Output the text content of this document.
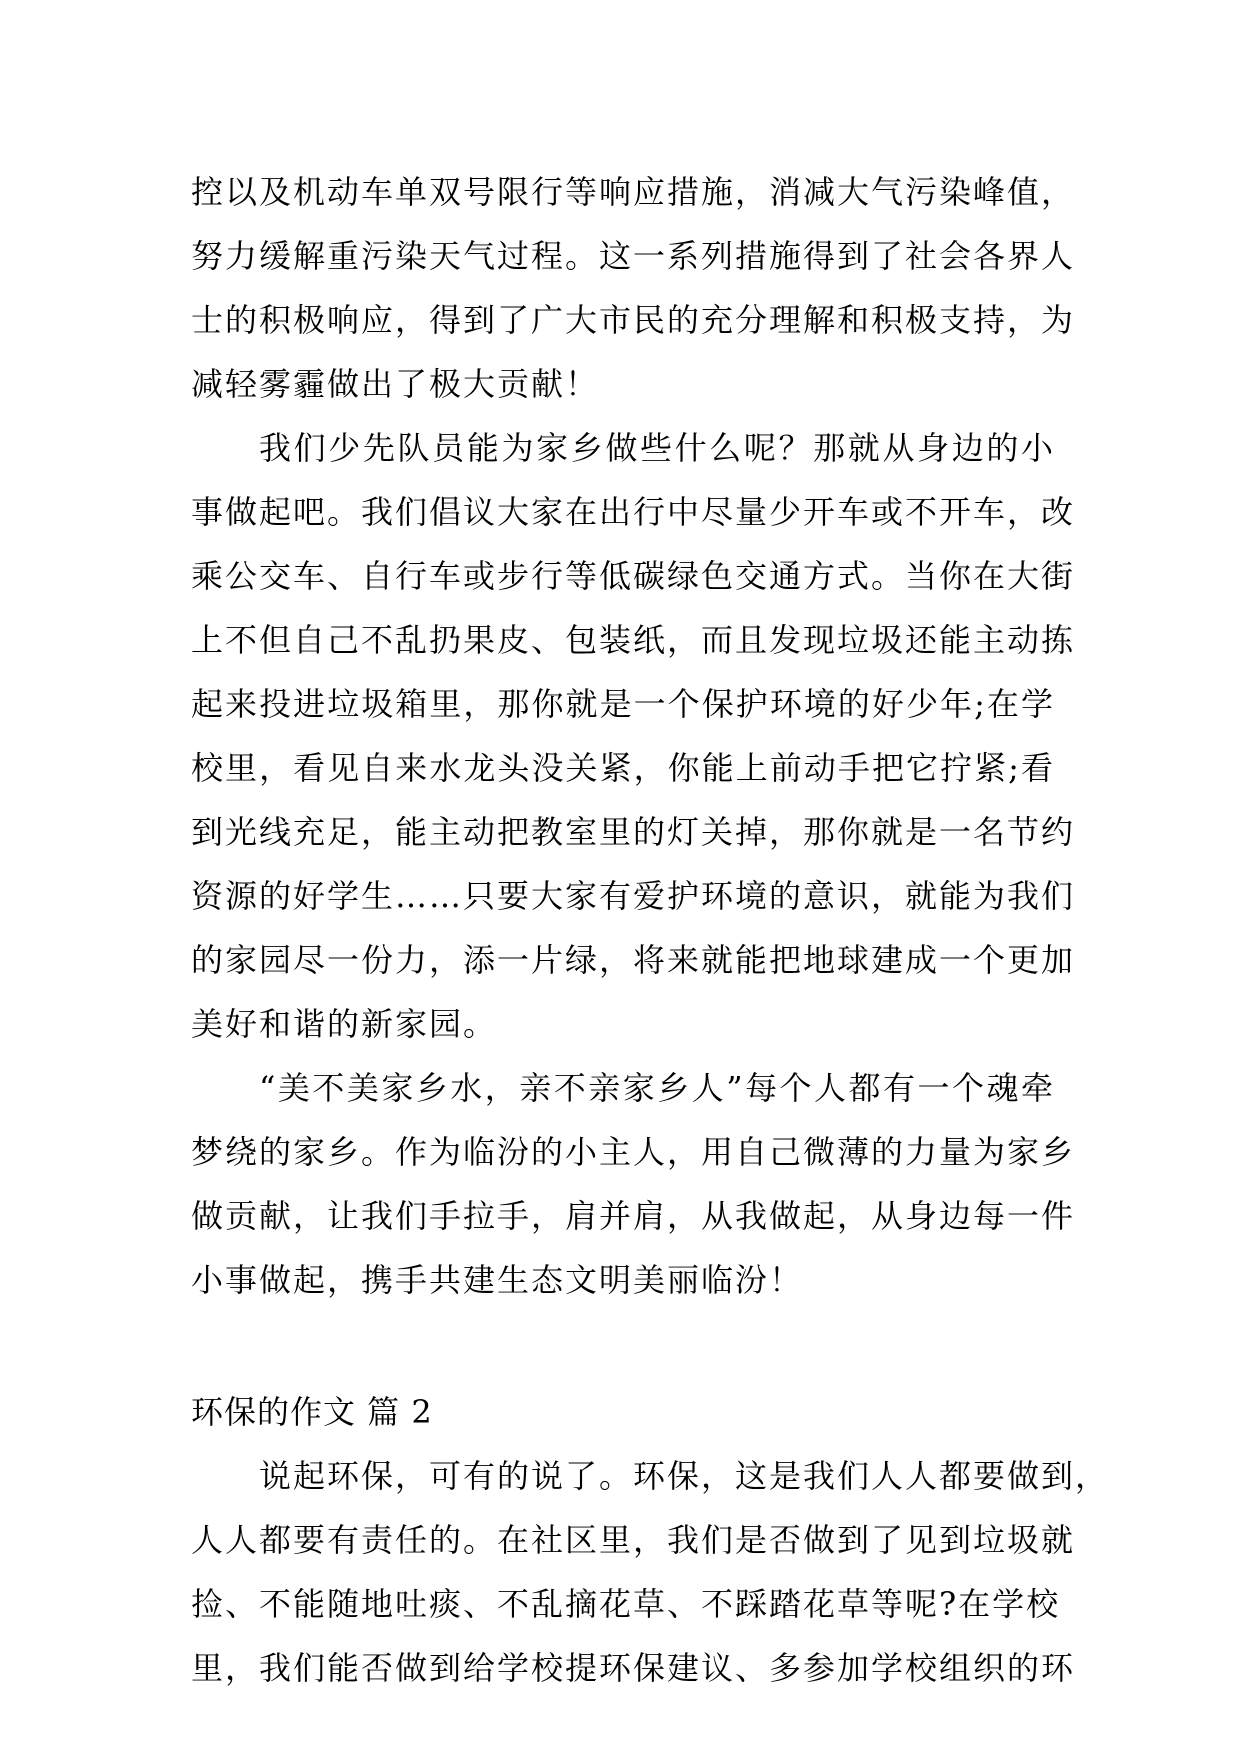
控以及机动车单双号限行等响应措施，消减大气污染峰值，
努力缓解重污染天气过程。这一系列措施得到了社会各界人
士的积极响应，得到了广大市民的充分理解和积极支持，为
减轻雾霾做出了极大贡献！
我们少先队员能为家乡做些什么呢？那就从身边的小
事做起吧。我们倡议大家在出行中尽量少开车或不开车，改
乘公交车、自行车或步行等低碳绿色交通方式。当你在大街
上不但自己不乱扔果皮、包装纸，而且发现垃圾还能主动拣
起来投进垃圾箱里，那你就是一个保护环境的好少年;在学
校里，看见自来水龙头没关紧，你能上前动手把它拧紧;看
到光线充足，能主动把教室里的灯关掉，那你就是一名节约
资源的好学生……只要大家有爱护环境的意识，就能为我们
的家园尽一份力，添一片绿，将来就能把地球建成一个更加
美好和谐的新家园。
“美不美家乡水，亲不亲家乡人”每个人都有一个魂牵
梦绕的家乡。作为临汾的小主人，用自己微薄的力量为家乡
做贡献，让我们手拉手，肩并肩，从我做起，从身边每一件
小事做起，携手共建生态文明美丽临汾！
环保的作文 篇 2
说起环保，可有的说了。环保，这是我们人人都要做到，
人人都要有责任的。在社区里，我们是否做到了见到垃圾就
捡、不能随地吐痰、不乱摘花草、不踩踏花草等呢?在学校
里，我们能否做到给学校提环保建议、多参加学校组织的环
